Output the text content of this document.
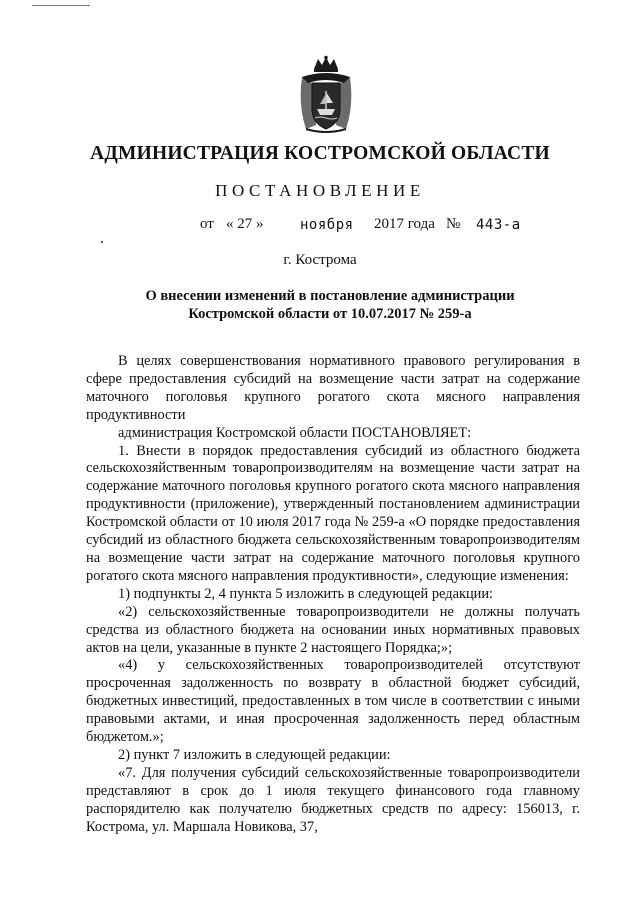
АДМИНИСТРАЦИЯ КОСТРОМСКОЙ ОБЛАСТИ
ПОСТАНОВЛЕНИЕ
от « 27 »	ноября 2017 года № 443-а
г. Кострома
О внесении изменений в постановление администрации
Костромской области от 10.07.2017 № 259-а

В целях совершенствования нормативного правового регулирования в сфере предоставления субсидий на возмещение части затрат на содержание маточного поголовья крупного рогатого скота мясного направления продуктивности

администрация Костромской области ПОСТАНОВЛЯЕТ:

1. Внести в порядок предоставления субсидий из областного бюджета сельскохозяйственным товаропроизводителям на возмещение части затрат на содержание маточного поголовья крупного рогатого скота мясного направления продуктивности (приложение), утвержденный постановлением администрации Костромской области от 10 июля 2017 года № 259-а «О порядке предоставления субсидий из областного бюджета сельскохозяйственным товаропроизводителям на возмещение части затрат на содержание маточного поголовья крупного рогатого скота мясного направления продуктивности», следующие изменения:

1) подпункты 2, 4 пункта 5 изложить в следующей редакции:

«2) сельскохозяйственные товаропроизводители не должны получать средства из областного бюджета на основании иных нормативных правовых актов на цели, указанные в пункте 2 настоящего Порядка;»;

«4) у сельскохозяйственных товаропроизводителей отсутствуют просроченная задолженность по возврату в областной бюджет субсидий, бюджетных инвестиций, предоставленных в том числе в соответствии с иными правовыми актами, и иная просроченная задолженность перед областным бюджетом.»;

2) пункт 7 изложить в следующей редакции:

«7. Для получения субсидий сельскохозяйственные товаропроизводители представляют в срок до 1 июля текущего финансового года главному распорядителю как получателю бюджетных средств по адресу: 156013, г. Кострома, ул. Маршала Новикова, 37,
